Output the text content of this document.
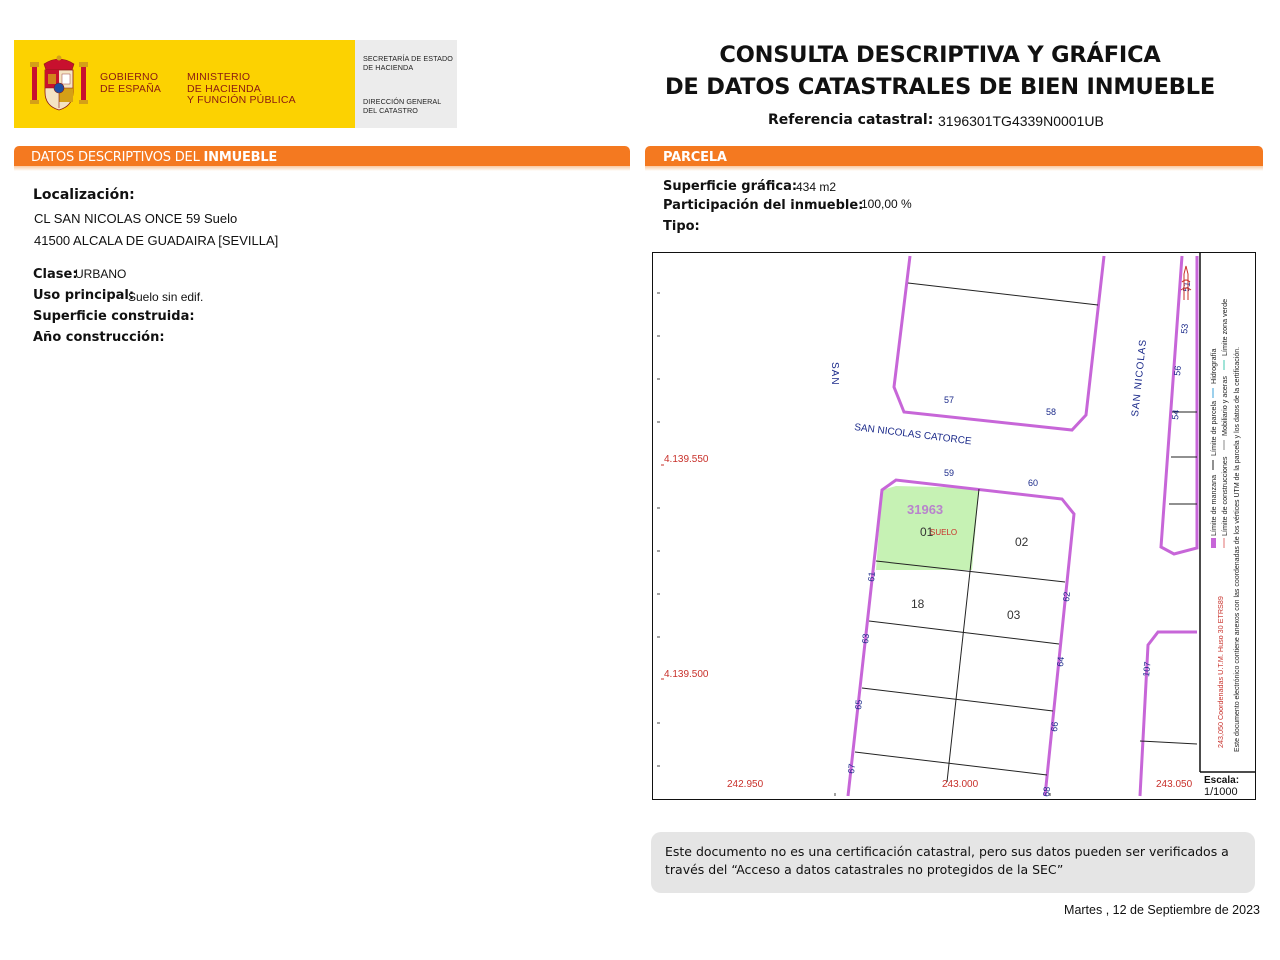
GOBIERNO
DE ESPAÑA
MINISTERIO
DE HACIENDA
Y FUNCIÓN PÚBLICA
SECRETARÍA DE ESTADO
DE HACIENDA
DIRECCIÓN GENERAL
DEL CATASTRO
CONSULTA DESCRIPTIVA Y GRÁFICA
DE DATOS CATASTRALES DE BIEN INMUEBLE
Referencia catastral: 3196301TG4339N0001UB
DATOS DESCRIPTIVOS DEL INMUEBLE	PARCELA
Localización:
CL SAN NICOLAS ONCE 59 Suelo
41500 ALCALA DE GUADAIRA [SEVILLA]
Clase:
URBANO
Uso principal:
Suelo sin edif.
Superficie construida:
Año construcción:
Superficie gráfica:
434 m2
Participación del inmueble:
100,00 %
Tipo:
4.139.550
4.139.500
242.950	243.000	243.050
SAN
SAN NICOLAS CATORCE
SAN NICOLAS
57
58
59
60
61
62
63
64
65
66
67
68
107
51
53
56
54
31963
01
SUELO
02
18
03
Límite de manzana
Límite de parcela
Hidrografía
Límite de construcciones
Mobiliario y aceras
Límite zona verde
243,050 Coordenadas U.T.M. Huso 30 ETRS89 Este documento electrónico contiene anexos con las coordenadas de los vértices UTM de la parcela y los datos de la certificación.
Escala:
1/1000
Este documento no es una certificación catastral, pero sus datos pueden ser verificados a
través del “Acceso a datos catastrales no protegidos de la SEC”
Martes , 12 de Septiembre de 2023
